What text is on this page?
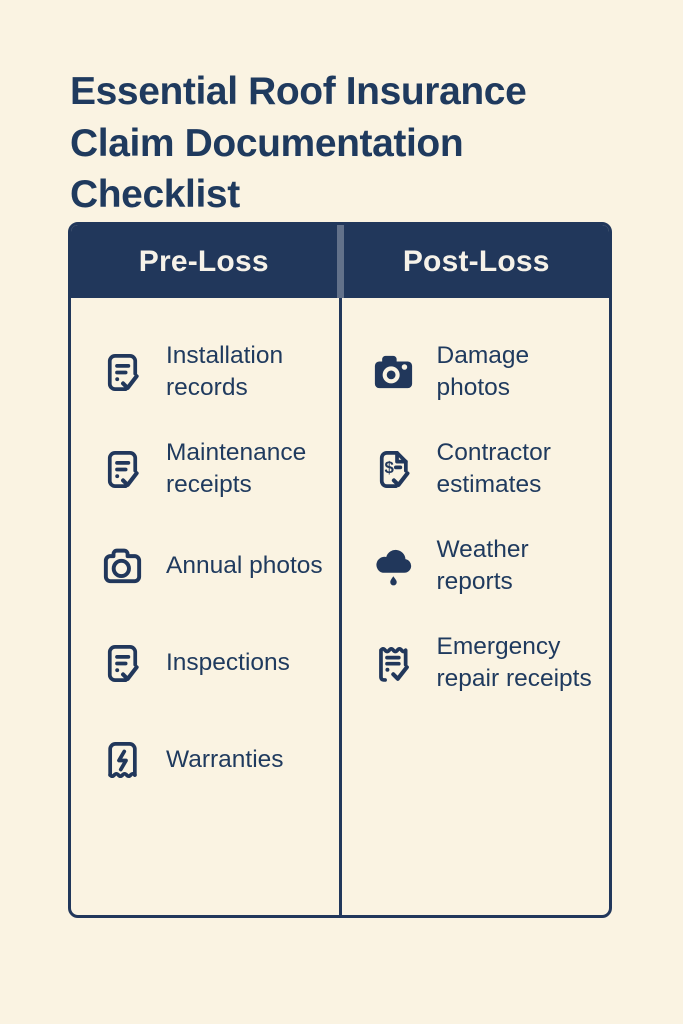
Essential Roof Insurance Claim Documentation Checklist
Pre-Loss	Post-Loss
Installation records
Maintenance receipts
Annual photos
Inspections
Warranties
Damage photos
Contractor estimates
Weather reports
Emergency repair receipts
